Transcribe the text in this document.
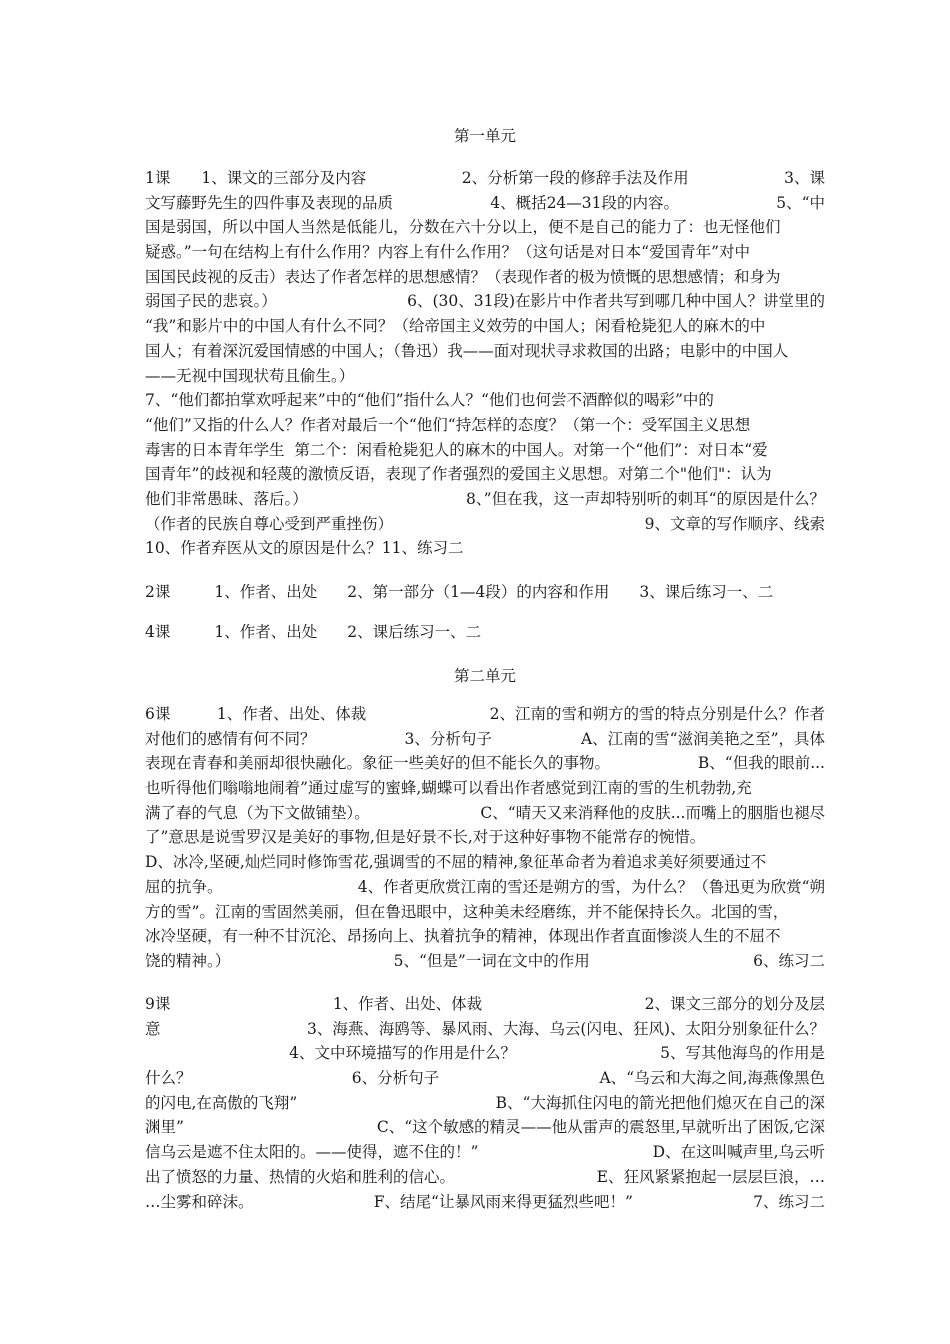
第一单元
1课　　1、课文的三部分及内容	2、分析第一段的修辞手法及作用	3、课
文写藤野先生的四件事及表现的品质	4、概括24—31段的内容。	5、“中
国是弱国，所以中国人当然是低能儿，分数在六十分以上，便不是自己的能力了：也无怪他们
疑惑。”一句在结构上有什么作用？内容上有什么作用？（这句话是对日本“爱国青年”对中
国国民歧视的反击）表达了作者怎样的思想感情？（表现作者的极为愤慨的思想感情；和身为
弱国子民的悲哀。）	6、(30、31段)在影片中作者共写到哪几种中国人？讲堂里的
“我”和影片中的中国人有什么不同？（给帝国主义效劳的中国人；闲看枪毙犯人的麻木的中
国人；有着深沉爱国情感的中国人；（鲁迅）我——面对现状寻求救国的出路；电影中的中国人
——无视中国现状苟且偷生。）
7、“他们都拍掌欢呼起来”中的“他们”指什么人？“他们也何尝不酒醉似的喝彩”中的
“他们”又指的什么人？作者对最后一个“他们“持怎样的态度？（第一个：受军国主义思想
毒害的日本青年学生  第二个：闲看枪毙犯人的麻木的中国人。对第一个“他们”：对日本“爱
国青年”的歧视和轻蔑的激愤反语，表现了作者强烈的爱国主义思想。对第二个"他们"：认为
他们非常愚昧、落后。）	8、”但在我，这一声却特别听的刺耳“的原因是什么？
（作者的民族自尊心受到严重挫伤）	9、文章的写作顺序、线索
10、作者弃医从文的原因是什么？11、练习二
2课	1、作者、出处 2、第一部分（1—4段）的内容和作用 3、课后练习一、二
4课	1、作者、出处 2、课后练习一、二
第二单元
6课　　　1、作者、出处、体裁	2、江南的雪和朔方的雪的特点分别是什么？作者
对他们的感情有何不同？	3、分析句子	A、江南的雪“滋润美艳之至”，具体
表现在青春和美丽却很快融化。象征一些美好的但不能长久的事物。	B、“但我的眼前...
也听得他们嗡嗡地闹着”通过虚写的蜜蜂,蝴蝶可以看出作者感觉到江南的雪的生机勃勃,充
满了春的气息（为下文做铺垫）。	C、“晴天又来消释他的皮肤...而嘴上的胭脂也褪尽
了”意思是说雪罗汉是美好的事物,但是好景不长,对于这种好事物不能常存的惋惜。
D、冰冷,坚硬,灿烂同时修饰雪花,强调雪的不屈的精神,象征革命者为着追求美好须要通过不
屈的抗争。	4、作者更欣赏江南的雪还是朔方的雪，为什么？（鲁迅更为欣赏“朔
方的雪”。江南的雪固然美丽，但在鲁迅眼中，这种美未经磨练，并不能保持长久。北国的雪，
冰冷坚硬，有一种不甘沉沦、昂扬向上、执着抗争的精神，体现出作者直面惨淡人生的不屈不
饶的精神。）	5、“但是”一词在文中的作用	6、练习二
9课	1、作者、出处、体裁	2、课文三部分的划分及层
意	3、海燕、海鸥等、暴风雨、大海、乌云(闪电、狂风)、太阳分别象征什么？
4、文中环境描写的作用是什么？	5、写其他海鸟的作用是
什么？	6、分析句子	A、“乌云和大海之间,海燕像黑色
的闪电,在高傲的飞翔”	B、“大海抓住闪电的箭光把他们熄灭在自己的深
渊里”	C、“这个敏感的精灵——他从雷声的震怒里,早就听出了困饭,它深
信乌云是遮不住太阳的。——使得，遮不住的！”	D、在这叫喊声里,乌云听
出了愤怒的力量、热情的火焰和胜利的信心。	E、狂风紧紧抱起一层层巨浪，…
…尘雾和碎沫。	F、结尾“让暴风雨来得更猛烈些吧！”	7、练习二
